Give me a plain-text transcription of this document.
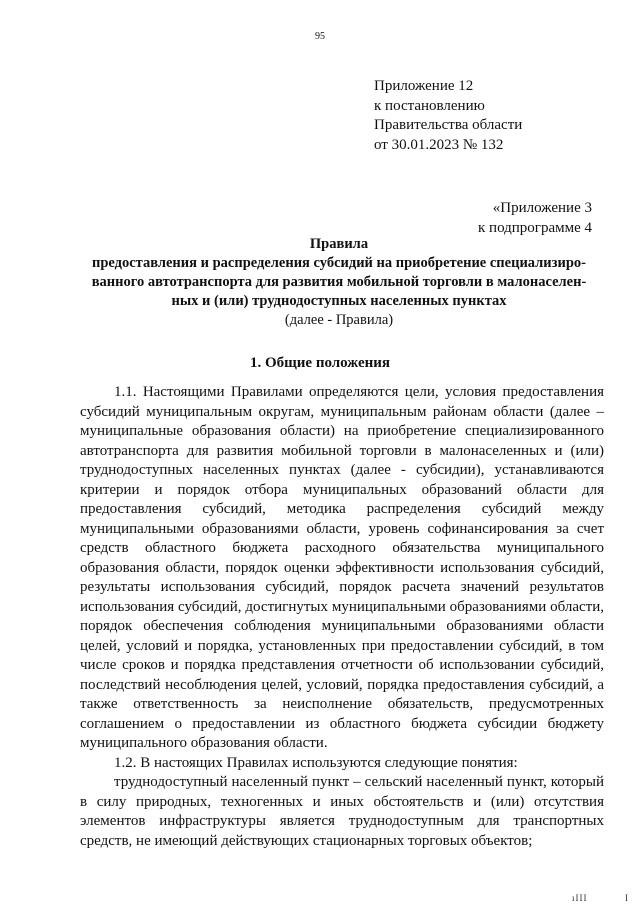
95
Приложение 12
к постановлению
Правительства области
от 30.01.2023 № 132
«Приложение 3
к подпрограмме 4
Правила
предоставления и распределения субсидий на приобретение специализиро-
ванного автотранспорта для развития мобильной торговли в малонаселен-
ных и (или) труднодоступных населенных пунктах
(далее - Правила)
1. Общие положения

1.1. Настоящими Правилами определяются цели, условия предоставления субсидий муниципальным округам, муниципальным районам области (далее – муниципальные образования области) на приобретение специализированного автотранспорта для развития мобильной торговли в малонаселенных и (или) труднодоступных населенных пунктах (далее - субсидии), устанавливаются критерии и порядок отбора муниципальных образований области для предоставления субсидий, методика распределения субсидий между муниципальными образованиями области, уровень софинансирования за счет средств областного бюджета расходного обязательства муниципального образования области, порядок оценки эффективности использования субсидий, результаты использования субсидий, порядок расчета значений результатов использования субсидий, достигнутых муниципальными образованиями области, порядок обеспечения соблюдения муниципальными образованиями области целей, условий и порядка, установленных при предоставлении субсидий, в том числе сроков и порядка представления отчетности об использовании субсидий, последствий несоблюдения целей, условий, порядка предоставления субсидий, а также ответственность за неисполнение обязательств, предусмотренных соглашением о предоставлении из областного бюджета субсидии бюджету муниципального образования области.

1.2. В настоящих Правилах используются следующие понятия:

труднодоступный населенный пункт – сельский населенный пункт, который в силу природных, техногенных и иных обстоятельств и (или) отсутствия элементов инфраструктуры является труднодоступным для транспортных средств, не имеющий действующих стационарных торговых объектов;

ıIII	I
